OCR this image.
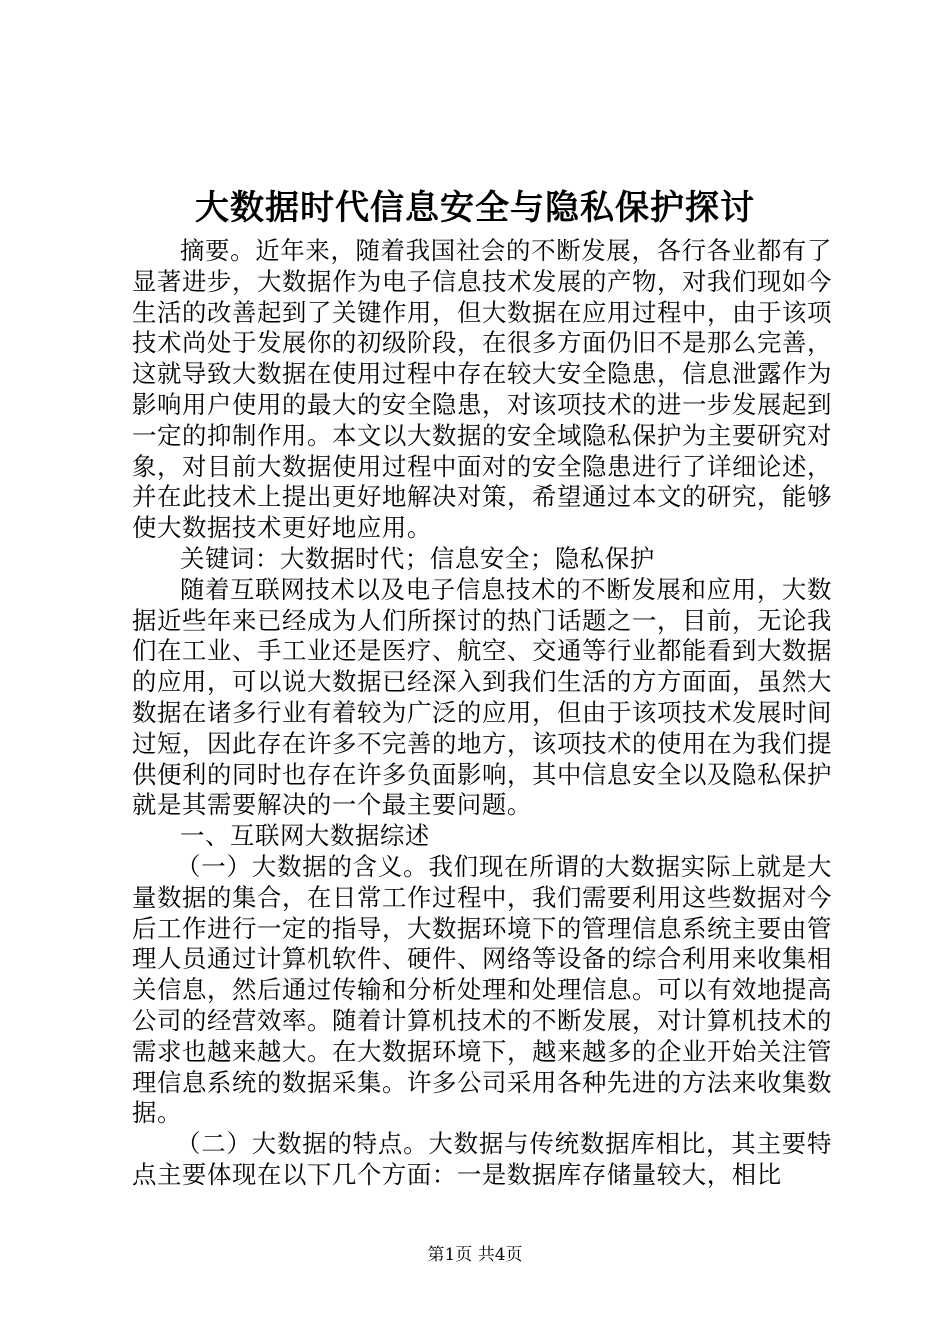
大数据时代信息安全与隐私保护探讨

摘要。近年来，随着我国社会的不断发展，各行各业都有了显著进步，大数据作为电子信息技术发展的产物，对我们现如今生活的改善起到了关键作用，但大数据在应用过程中，由于该项技术尚处于发展你的初级阶段，在很多方面仍旧不是那么完善，这就导致大数据在使用过程中存在较大安全隐患，信息泄露作为影响用户使用的最大的安全隐患，对该项技术的进一步发展起到一定的抑制作用。本文以大数据的安全域隐私保护为主要研究对象，对目前大数据使用过程中面对的安全隐患进行了详细论述，并在此技术上提出更好地解决对策，希望通过本文的研究，能够使大数据技术更好地应用。

关键词：大数据时代；信息安全；隐私保护

随着互联网技术以及电子信息技术的不断发展和应用，大数据近些年来已经成为人们所探讨的热门话题之一，目前，无论我们在工业、手工业还是医疗、航空、交通等行业都能看到大数据的应用，可以说大数据已经深入到我们生活的方方面面，虽然大数据在诸多行业有着较为广泛的应用，但由于该项技术发展时间过短，因此存在许多不完善的地方，该项技术的使用在为我们提供便利的同时也存在许多负面影响，其中信息安全以及隐私保护就是其需要解决的一个最主要问题。

一、互联网大数据综述

（一）大数据的含义。我们现在所谓的大数据实际上就是大量数据的集合，在日常工作过程中，我们需要利用这些数据对今后工作进行一定的指导，大数据环境下的管理信息系统主要由管理人员通过计算机软件、硬件、网络等设备的综合利用来收集相关信息，然后通过传输和分析处理和处理信息。可以有效地提高公司的经营效率。随着计算机技术的不断发展，对计算机技术的需求也越来越大。在大数据环境下，越来越多的企业开始关注管理信息系统的数据采集。许多公司采用各种先进的方法来收集数据。

（二）大数据的特点。大数据与传统数据库相比，其主要特点主要体现在以下几个方面：一是数据库存储量较大，相比

第1页 共4页
